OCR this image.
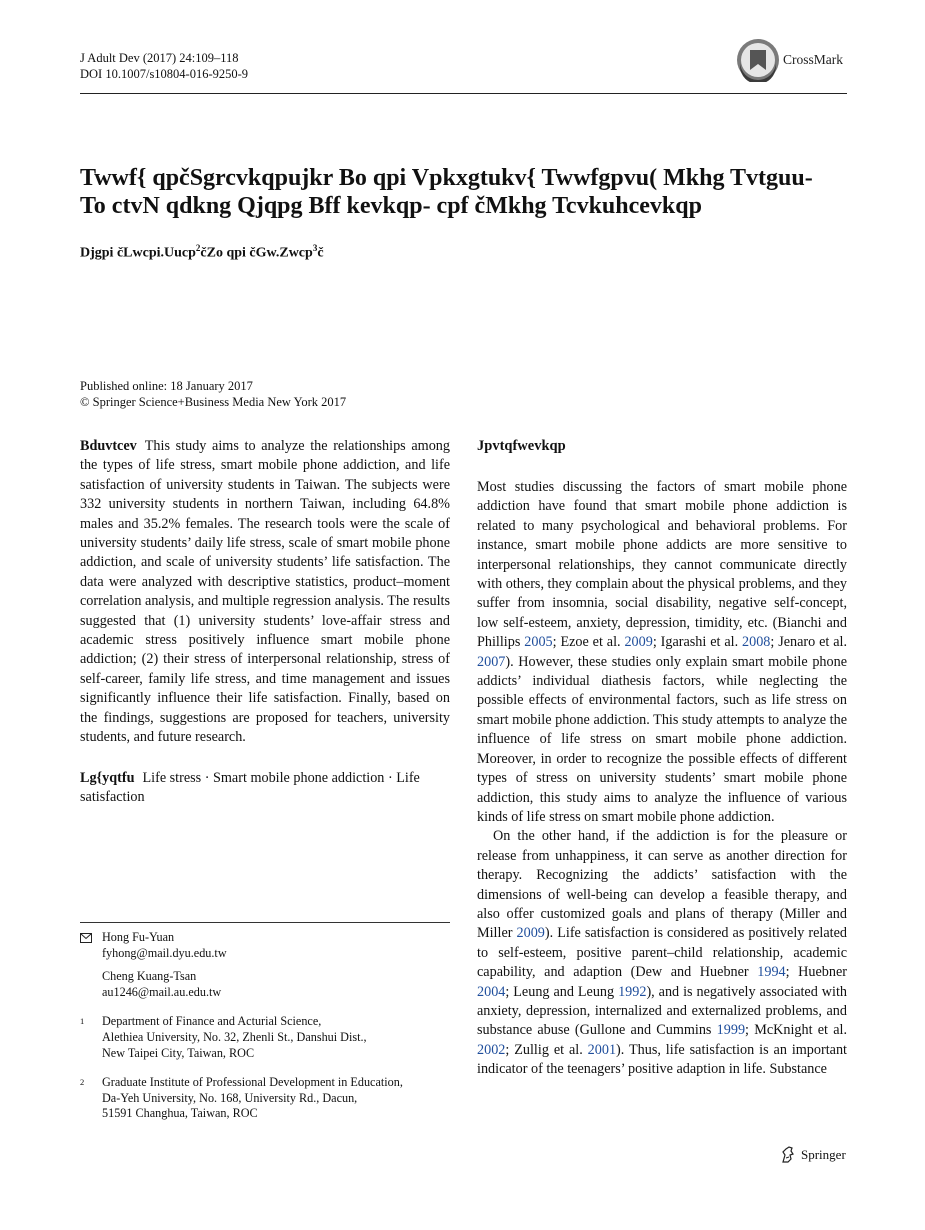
J Adult Dev (2017) 24:109–118
DOI 10.1007/s10804-016-9250-9
CrossMark
Twwf{ qpčSgrcvkqpujkr Bo qpi Vpkxgtukv{ Twwfgpvu( Mkhg Tvtguu-
To ctvN qdkng Qjqpg Bff kevkqp- cpf čMkhg Tcvkuhcevkqp
Djgpi čLwcpi.Uucp$^2$čZo qpi čGw.Zwcp$^3$č
Published online: 18 January 2017
© Springer Science+Business Media New York 2017

Bduvtcev This study aims to analyze the relationships among the types of life stress, smart mobile phone addiction, and life satisfaction of university students in Taiwan. The subjects were 332 university students in northern Taiwan, including 64.8% males and 35.2% females. The research tools were the scale of university students’ daily life stress, scale of smart mobile phone addiction, and scale of university students’ life satisfaction. The data were analyzed with descriptive statistics, product–moment correlation analysis, and multiple regression analysis. The results suggested that (1) university students’ love-affair stress and academic stress positively influence smart mobile phone addiction; (2) their stress of interpersonal relationship, stress of self-career, family life stress, and time management and issues significantly influence their life satisfaction. Finally, based on the findings, suggestions are proposed for teachers, university students, and future research.

Lg{yqtfu Life stress · Smart mobile phone addiction · Life satisfaction

Hong Fu-Yuan
fyhong@mail.dyu.edu.tw
Cheng Kuang-Tsan
au1246@mail.au.edu.tw
1 Department of Finance and Acturial Science,
Alethiea University, No. 32, Zhenli St., Danshui Dist.,
New Taipei City, Taiwan, ROC
2 Graduate Institute of Professional Development in Education,
Da-Yeh University, No. 168, University Rd., Dacun,
51591 Changhua, Taiwan, ROC
Jpvtqfwevkqp

Most studies discussing the factors of smart mobile phone addiction have found that smart mobile phone addiction is related to many psychological and behavioral problems. For instance, smart mobile phone addicts are more sensitive to interpersonal relationships, they cannot communicate directly with others, they complain about the physical problems, and they suffer from insomnia, social disability, negative self-concept, low self-esteem, anxiety, depression, timidity, etc. (Bianchi and Phillips 2005; Ezoe et al. 2009; Igarashi et al. 2008; Jenaro et al. 2007). However, these studies only explain smart mobile phone addicts’ individual diathesis factors, while neglecting the possible effects of environmental factors, such as life stress on smart mobile phone addiction. This study attempts to analyze the influence of life stress on smart mobile phone addiction. Moreover, in order to recognize the possible effects of different types of stress on university students’ smart mobile phone addiction, this study aims to analyze the influence of various kinds of life stress on smart mobile phone addiction.

On the other hand, if the addiction is for the pleasure or release from unhappiness, it can serve as another direction for therapy. Recognizing the addicts’ satisfaction with the dimensions of well-being can develop a feasible therapy, and also offer customized goals and plans of therapy (Miller and Miller 2009). Life satisfaction is considered as positively related to self-esteem, positive parent–child relationship, academic capability, and adaption (Dew and Huebner 1994; Huebner 2004; Leung and Leung 1992), and is negatively associated with anxiety, depression, internalized and externalized problems, and substance abuse (Gullone and Cummins 1999; McKnight et al. 2002; Zullig et al. 2001). Thus, life satisfaction is an important indicator of the teenagers’ positive adaption in life. Substance

Springer
